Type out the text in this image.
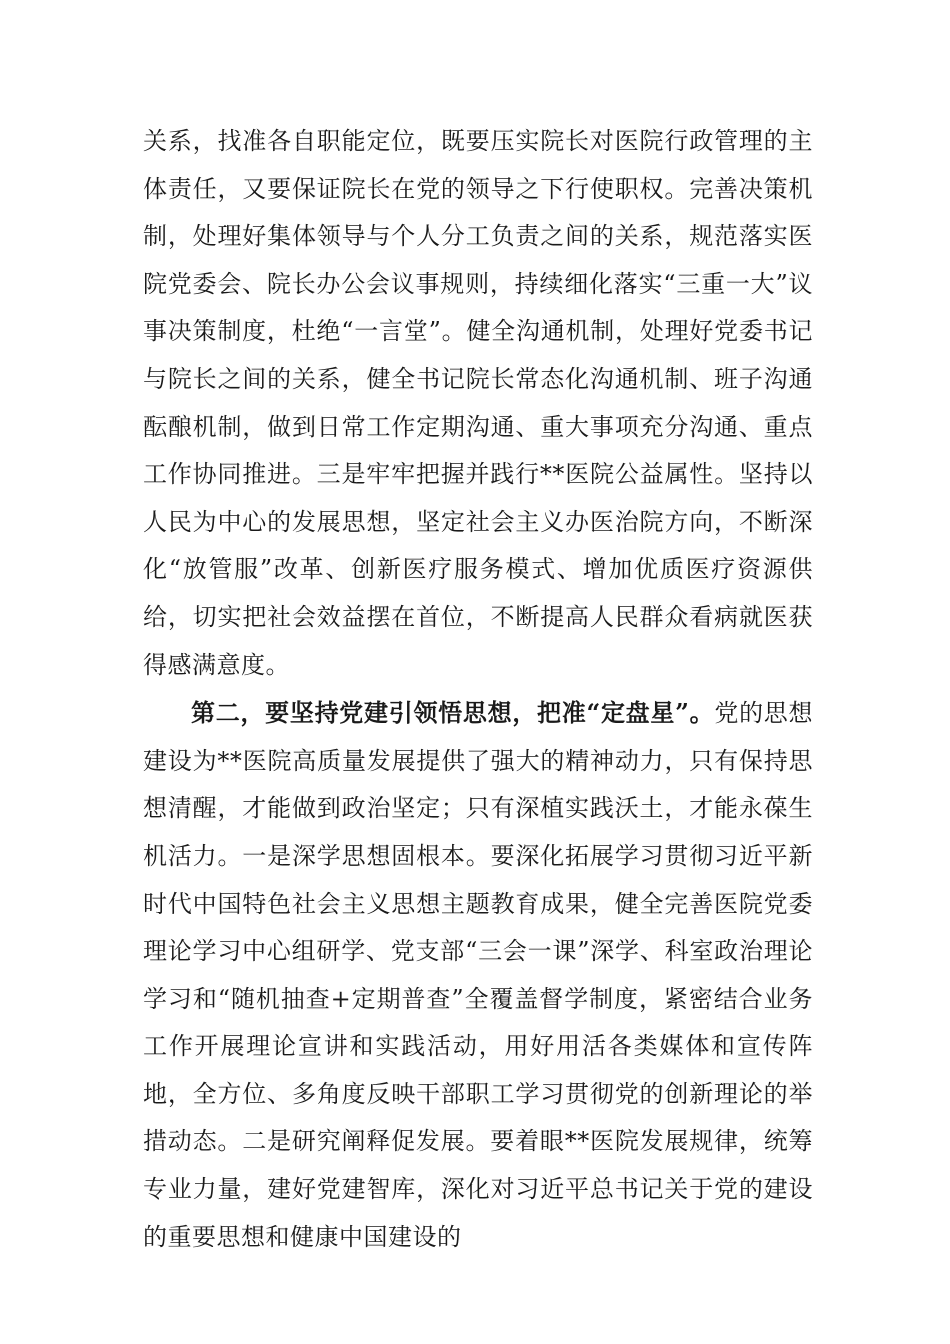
关系，找准各自职能定位，既要压实院长对医院行政管理的主体责任，又要保证院长在党的领导之下行使职权。完善决策机制，处理好集体领导与个人分工负责之间的关系，规范落实医院党委会、院长办公会议事规则，持续细化落实“三重一大”议事决策制度，杜绝“一言堂”。健全沟通机制，处理好党委书记与院长之间的关系，健全书记院长常态化沟通机制、班子沟通酝酿机制，做到日常工作定期沟通、重大事项充分沟通、重点工作协同推进。三是牢牢把握并践行**医院公益属性。坚持以人民为中心的发展思想，坚定社会主义办医治院方向，不断深化“放管服”改革、创新医疗服务模式、增加优质医疗资源供给，切实把社会效益摆在首位，不断提高人民群众看病就医获得感满意度。

第二，要坚持党建引领悟思想，把准“定盘星”。党的思想建设为**医院高质量发展提供了强大的精神动力，只有保持思想清醒，才能做到政治坚定；只有深植实践沃土，才能永葆生机活力。一是深学思想固根本。要深化拓展学习贯彻习近平新时代中国特色社会主义思想主题教育成果，健全完善医院党委理论学习中心组研学、党支部“三会一课”深学、科室政治理论学习和“随机抽查+定期普查”全覆盖督学制度，紧密结合业务工作开展理论宣讲和实践活动，用好用活各类媒体和宣传阵地，全方位、多角度反映干部职工学习贯彻党的创新理论的举措动态。二是研究阐释促发展。要着眼**医院发展规律，统筹专业力量，建好党建智库，深化对习近平总书记关于党的建设的重要思想和健康中国建设的
